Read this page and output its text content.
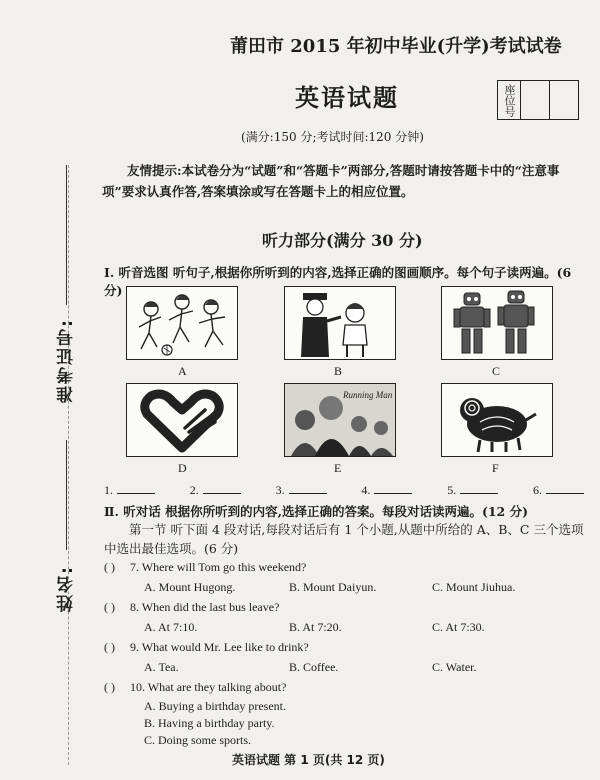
准考证号:
姓名:
莆田市 2015 年初中毕业(升学)考试试卷
英语试题	座位号
(满分:150 分;考试时间:120 分钟)
友情提示:本试卷分为“试题”和“答题卡”两部分,答题时请按答题卡中的“注意事项”要求认真作答,答案填涂或写在答题卡上的相应位置。
听力部分(满分 30 分)
Ⅰ. 听音选图 听句子,根据你所听到的内容,选择正确的图画顺序。每个句子读两遍。(6 分)
A	B	C
D
Running Man
E	F
1.	2.	3.	4.	5.	6.
Ⅱ. 听对话 根据你所听到的内容,选择正确的答案。每段对话读两遍。(12 分)
第一节 听下面 4 段对话,每段对话后有 1 个小题,从题中所给的 A、B、C 三个选项中选出最佳选项。(6 分)
( ) 7. Where will Tom go this weekend?
A. Mount Hugong.	B. Mount Daiyun.	C. Mount Jiuhua.
( ) 8. When did the last bus leave?
A. At 7:10.	B. At 7:20.	C. At 7:30.
( ) 9. What would Mr. Lee like to drink?
A. Tea.	B. Coffee.	C. Water.
( ) 10. What are they talking about?
A. Buying a birthday present.
B. Having a birthday party.
C. Doing some sports.
英语试题 第 1 页(共 12 页)
